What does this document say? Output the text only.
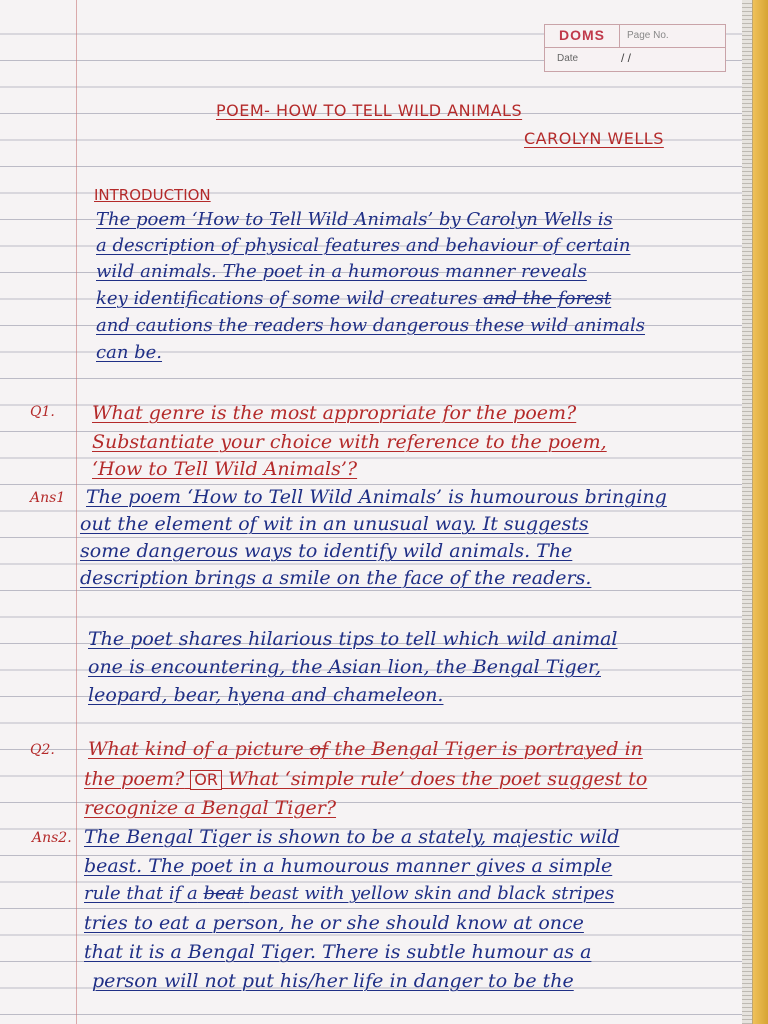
DOMS Page No.
Date	/ /
POEM- HOW TO TELL WILD ANIMALS
CAROLYN WELLS
INTRODUCTION
The poem ‘How to Tell Wild Animals’ by Carolyn Wells is
a description of physical features and behaviour of certain
wild animals. The poet in a humorous manner reveals
key identifications of some wild creatures and the forest
and cautions the readers how dangerous these wild animals
can be.
Q1. What genre is the most appropriate for the poem?
Substantiate your choice with reference to the poem,
‘How to Tell Wild Animals’?
Ans1 The poem ‘How to Tell Wild Animals’ is humourous bringing
out the element of wit in an unusual way. It suggests
some dangerous ways to identify wild animals. The
description brings a smile on the face of the readers.
The poet shares hilarious tips to tell which wild animal
one is encountering, the Asian lion, the Bengal Tiger,
leopard, bear, hyena and chameleon.
Q2. What kind of a picture of the Bengal Tiger is portrayed in
the poem? OR What ‘simple rule’ does the poet suggest to
recognize a Bengal Tiger?
Ans2. The Bengal Tiger is shown to be a stately, majestic wild
beast. The poet in a humourous manner gives a simple
rule that if a beat beast with yellow skin and black stripes
tries to eat a person, he or she should know at once
that it is a Bengal Tiger. There is subtle humour as a
person will not put his/her life in danger to be the
